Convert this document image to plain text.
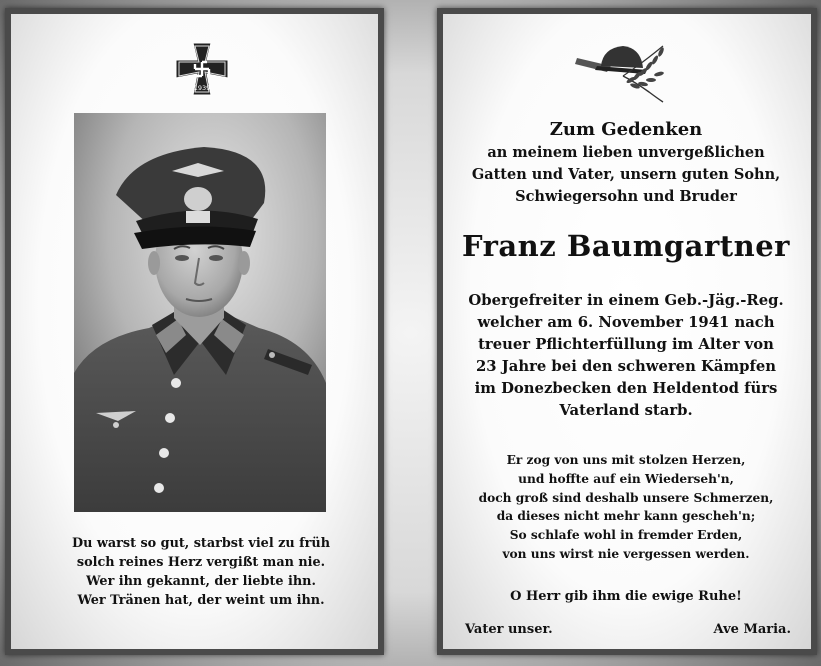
1939
Du warst so gut, starbst viel zu früh
solch reines Herz vergißt man nie.
Wer ihn gekannt, der liebte ihn.
Wer Tränen hat, der weint um ihn.
Zum Gedenken
an meinem lieben unvergeßlichen
Gatten und Vater, unsern guten Sohn,
Schwiegersohn und Bruder
Franz Baumgartner
Obergefreiter in einem Geb.-Jäg.-Reg.
welcher am 6. November 1941 nach
treuer Pflichterfüllung im Alter von
23 Jahre bei den schweren Kämpfen
im Donezbecken den Heldentod fürs
Vaterland starb.
Er zog von uns mit stolzen Herzen,
und hoffte auf ein Wiederseh'n,
doch groß sind deshalb unsere Schmerzen,
da dieses nicht mehr kann gescheh'n;
So schlafe wohl in fremder Erden,
von uns wirst nie vergessen werden.
O Herr gib ihm die ewige Ruhe!
Vater unser.	Ave Maria.
